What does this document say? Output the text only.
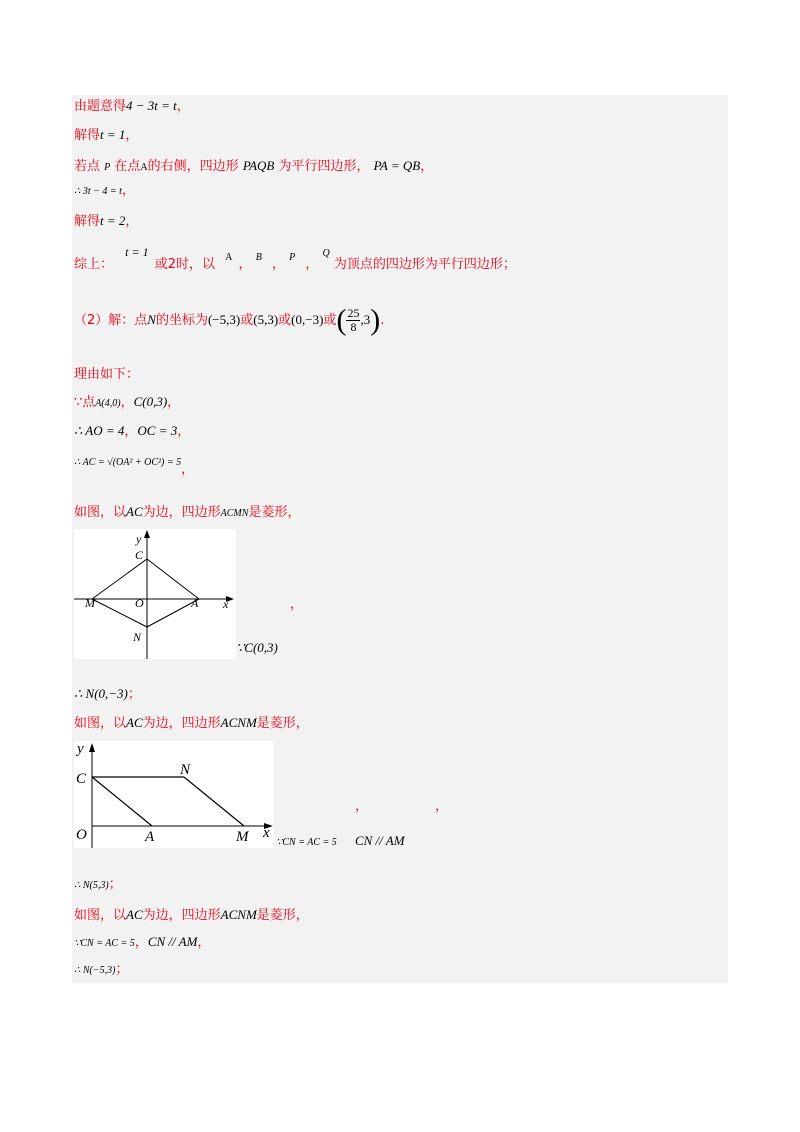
由题意得4 − 3t = t，
解得t = 1，
若点 P 在点A的右侧，四边形 PAQB 为平行四边形， PA = QB，
∴ 3t − 4 = t，
解得t = 2，
综上： t = 1 或2时，以 $^A$ ， $^B$ ， $^P$ ， $^Q$ 为顶点的四边形为平行四边形；
（2）解：点N的坐标为(−5,3)或(5,3)或(0,−3)或( $\frac{25}{8} ,3$).
理由如下：
∵点A(4,0)，C(0,3)，
∴ AO = 4，OC = 3，
∴ AC = √(OA² + OC²) = 5，
如图，以AC为边，四边形ACMN是菱形，
y
x
C
M	O	A
N
，
∵C(0,3)
∴ N(0,−3)；
如图，以AC为边，四边形ACNM是菱形，
y
x
C
N
O	A	M
，	，
∵CN = AC = 5 CN // AM
∴ N(5,3)；
如图，以AC为边，四边形ACNM是菱形，
∵CN = AC = 5，CN // AM，
∴ N(−5,3)；
